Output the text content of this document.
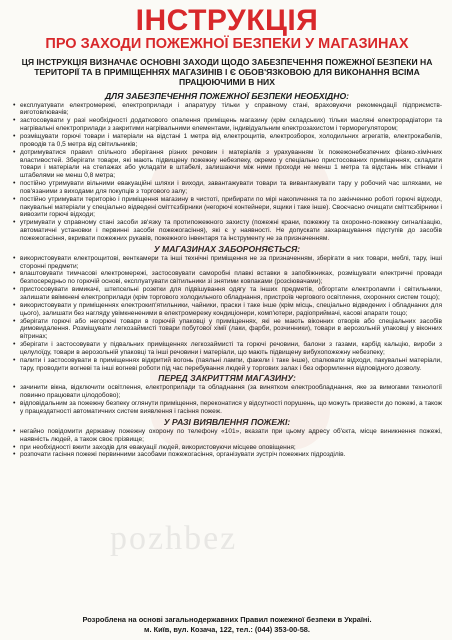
pozhbez
ІНСТРУКЦІЯ
ПРО ЗАХОДИ ПОЖЕЖНОЇ БЕЗПЕКИ У МАГАЗИНАХ
ЦЯ ІНСТРУКЦІЯ ВИЗНАЧАЄ ОСНОВНІ ЗАХОДИ ЩОДО ЗАБЕЗПЕЧЕННЯ ПОЖЕЖНОЇ БЕЗПЕКИ НА ТЕРИТОРІЇ ТА В ПРИМІЩЕННЯХ МАГАЗИНІВ І Є ОБОВ'ЯЗКОВОЮ ДЛЯ ВИКОНАННЯ ВСІМА ПРАЦЮЮЧИМИ В НИХ
ДЛЯ ЗАБЕЗПЕЧЕННЯ ПОЖЕЖНОЇ БЕЗПЕКИ НЕОБХІДНО:
• експлуатувати електромережі, електроприлади і апаратуру тільки у справному стані, враховуючи рекомендації підприємств-виготовлювачів;
• застосовувати у разі необхідності додаткового опалення приміщень магазину (крім складських) тільки масляні електрорадіатори та нагрівальні електроприлади з закритими нагрівальними елементами, індивідуальним електрозахистом і терморегулятором;
• розміщувати горючі товари і матеріали на відстані 1 метра від електрощитів, електрозборок, холодильних агрегатів, електрокабелів, проводів та 0,5 метра від світильників;
• дотримуватися правил спільного зберігання різних речовин і матеріалів з урахуванням їх пожежонебезпечних фізико-хімічних властивостей. Зберігати товари, які мають підвищену пожежну небезпеку, окремо у спеціально пристосованих приміщеннях, складати товари і матеріали на стелажах або укладати в штабелі, залишаючи між ними проходи не менш 1 метра та відстань між стінами і штабелями не менш 0,8 метра;
• постійно утримувати вільними евакуаційні шляхи і виходи, завантажувати товари та вивантажувати тару у робочий час шляхами, не пов'язаними з виходами для покупців з торгового залу;
• постійно утримувати територію і приміщення магазину в чистоті, прибирати по мірі накопичення та по закінченню роботі горючі відходи, пакувальні матеріали у спеціально відведені сміттєзбірники (негорючі контейнери, ящики і таке інше). Своєчасно очищати сміттєзбірники і вивозити горючі відходи;
• утримувати у справному стані засоби зв'язку та протипожежного захисту (пожежні крани, пожежну та охоронно-пожежну сигналізацію, автоматичні установки і первинні засоби пожежогасіння), які є у наявності. Не допускати захаращування підступів до засобів пожежогасіння, вкривати пожежних рукавів, пожежного інвентаря та інструменту не за призначенням.
У МАГАЗИНАХ ЗАБОРОНЯЄТЬСЯ:
• використовувати електрощитові, венткамери та інші технічні приміщення не за призначенням, зберігати в них товари, меблі, тару, інші сторонні предмети;
• влаштовувати тимчасові електромережі, застосовувати саморобні плавкі вставки в запобіжниках, розміщувати електричні провади безпосередньо по горючій основі, експлуатувати світильники зі знятими ковпаками (розсіювачами);
• пристосовувати вимикачі, штепсельні розетки для підвішування одягу та інших предметів, обгортати електролампи і світильники, залишати ввімкнені електроприлади (крім торгового холодильного обладнання, пристроїв чергового освітлення, охоронних систем тощо);
• використовувати у приміщеннях електрокип'ятильники, чайники, праски і таке інше (крім місць, спеціально відведених і обладнаних для цього), залишати без нагляду увімкнененими в електромережу кондиціонери, комп'ютери, радіоприймачі, касові апарати тощо;
• зберігати горючі або негорючі товари в горючій упаковці у приміщеннях, які не мають віконних отворів або спеціальних засобів димовидалення. Розміщувати легкозаймисті товари побутової хімії (лаки, фарби, розчинники), товари в аерозольній упаковці у віконних вітринах;
• зберігати і застосовувати у підвальних приміщеннях легкозаймисті та горючі речовини, балони з газами, карбід кальцію, вироби з целулоїду, товари в аерозольній упаковці та інші речовини і матеріали, що мають підвищену вибухопожежну небезпеку;
• палити і застосовувати в приміщеннях відкритий вогонь (паяльні лампи, факели і таке інше), спалювати відходи, пакувальні матеріали, тару, проводити вогневі та інші вогневі роботи під час перебування людей у торгових залах і без оформлення відповідного дозволу.
ПЕРЕД ЗАКРИТТЯМ МАГАЗИНУ:
• зачинити вікна, відключити освітлення, електроприлади та обладнання (за винятком електрообладнання, яке за вимогами технології повинно працювати цілодобово);
• відповідальним за пожежну безпеку оглянути приміщення, переконатися у відсутності порушень, що можуть призвести до пожежі, а також у працездатності автоматичних систем виявлення і гасіння пожеж.
У РАЗІ ВИЯВЛЕННЯ ПОЖЕЖІ:
• негайно повідомити державну пожежну охорону по телефону «101», вказати при цьому адресу об'єкта, місце виникнення пожежі, наявність людей, а також своє прізвище;
• при необхідності вжити заходів для евакуації людей, використовуючи місцеве оповіщення;
• розпочати гасіння пожежі первинними засобами пожежогасіння, організувати зустріч пожежних підрозділів.
Розроблена на основі загальнодержавних Правил пожежної безпеки в Україні.
м. Київ, вул. Козача, 122, тел.: (044) 353-00-58.
